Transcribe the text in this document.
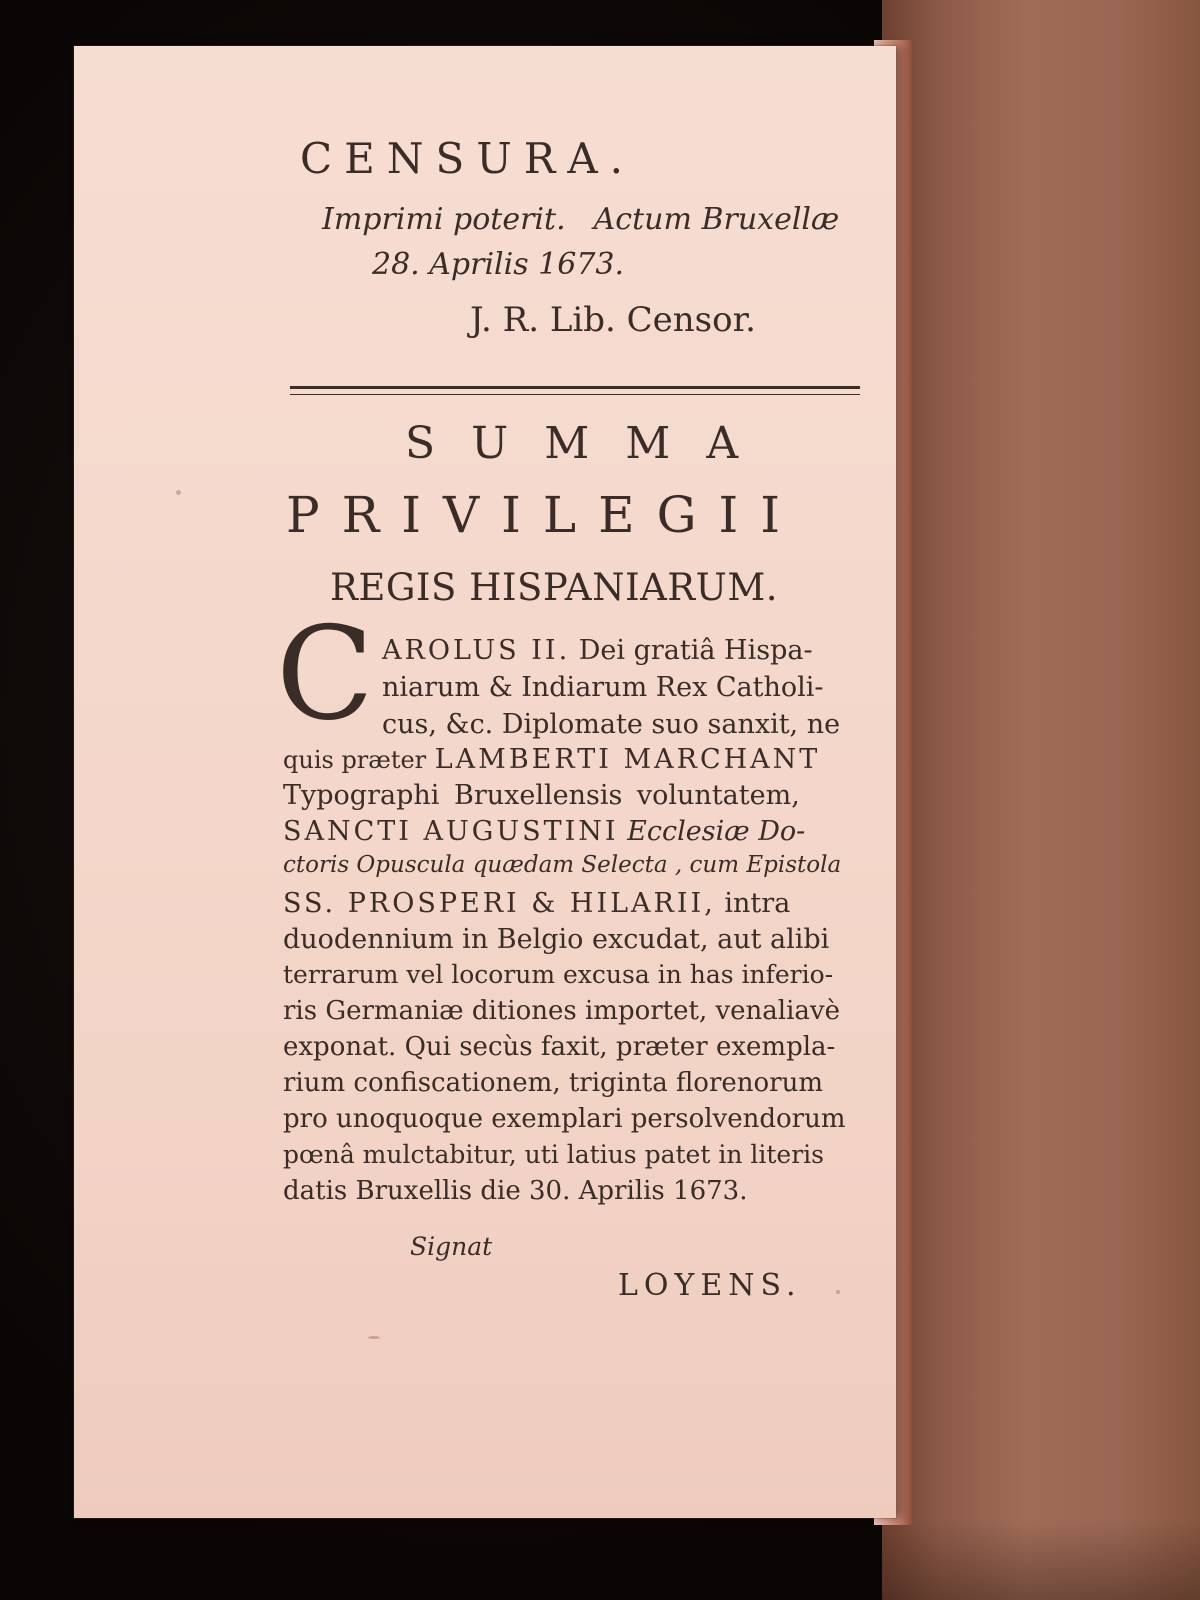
CENSURA.
Imprimi poterit. Actum Bruxellæ
28. Aprilis 1673.
J. R. Lib. Censor.
SUMMA
PRIVILEGII
REGIS HISPANIARUM.
C AROLUS II. Dei gratiâ Hispa-
niarum & Indiarum Rex Catholi-
cus, &c. Diplomate suo sanxit, ne
quis præter LAMBERTI MARCHANT
Typographi Bruxellensis voluntatem,
SANCTI AUGUSTINI Ecclesiæ Do-
ctoris Opuscula quædam Selecta , cum Epistola
SS. PROSPERI & HILARII, intra
duodennium in Belgio excudat, aut alibi
terrarum vel locorum excusa in has inferio-
ris Germaniæ ditiones importet, venaliavè
exponat. Qui secùs faxit, præter exempla-
rium confiscationem, triginta florenorum
pro unoquoque exemplari persolvendorum
pœnâ mulctabitur, uti latius patet in literis
datis Bruxellis die 30. Aprilis 1673.
Signat
LOYENS.
